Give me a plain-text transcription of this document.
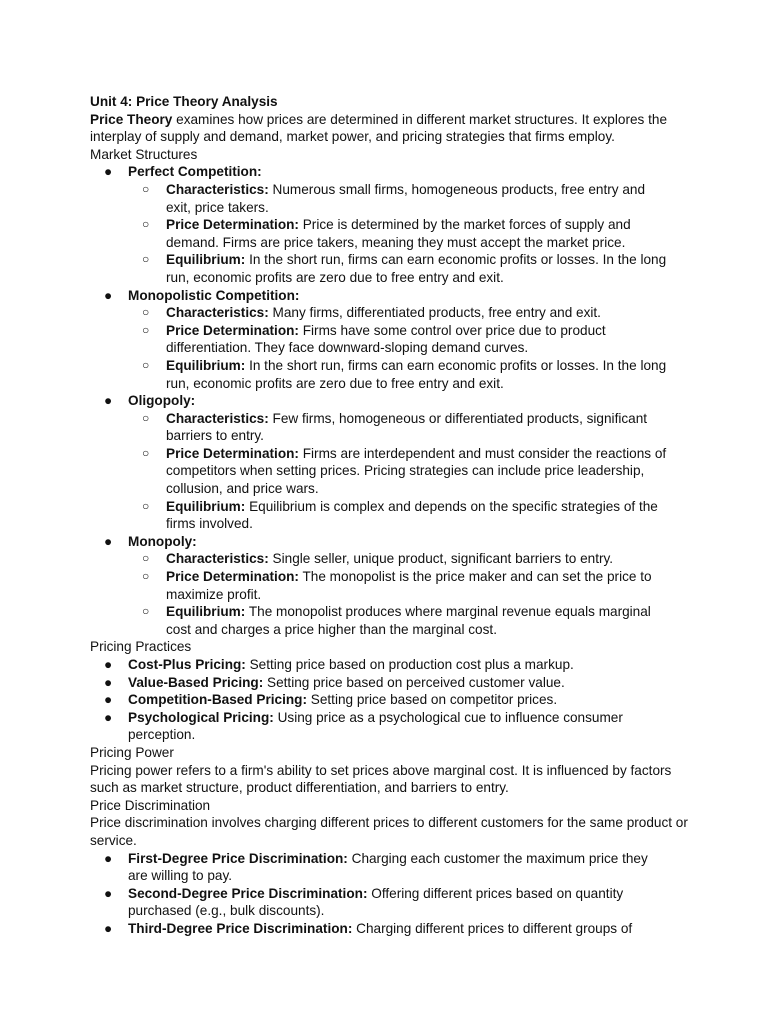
Unit 4: Price Theory Analysis

Price Theory examines how prices are determined in different market structures. It explores the interplay of supply and demand, market power, and pricing strategies that firms employ.

Market Structures

● Perfect Competition:
○ Characteristics: Numerous small firms, homogeneous products, free entry and exit, price takers.
○ Price Determination: Price is determined by the market forces of supply and demand. Firms are price takers, meaning they must accept the market price.
○ Equilibrium: In the short run, firms can earn economic profits or losses. In the long run, economic profits are zero due to free entry and exit.
● Monopolistic Competition:
○ Characteristics: Many firms, differentiated products, free entry and exit.
○ Price Determination: Firms have some control over price due to product differentiation. They face downward-sloping demand curves.
○ Equilibrium: In the short run, firms can earn economic profits or losses. In the long run, economic profits are zero due to free entry and exit.
● Oligopoly:
○ Characteristics: Few firms, homogeneous or differentiated products, significant barriers to entry.
○ Price Determination: Firms are interdependent and must consider the reactions of competitors when setting prices. Pricing strategies can include price leadership, collusion, and price wars.
○ Equilibrium: Equilibrium is complex and depends on the specific strategies of the firms involved.
● Monopoly:
○ Characteristics: Single seller, unique product, significant barriers to entry.
○ Price Determination: The monopolist is the price maker and can set the price to maximize profit.
○ Equilibrium: The monopolist produces where marginal revenue equals marginal cost and charges a price higher than the marginal cost.

Pricing Practices

● Cost-Plus Pricing: Setting price based on production cost plus a markup.
● Value-Based Pricing: Setting price based on perceived customer value.
● Competition-Based Pricing: Setting price based on competitor prices.
● Psychological Pricing: Using price as a psychological cue to influence consumer perception.

Pricing Power

Pricing power refers to a firm's ability to set prices above marginal cost. It is influenced by factors such as market structure, product differentiation, and barriers to entry.

Price Discrimination

Price discrimination involves charging different prices to different customers for the same product or service.

● First-Degree Price Discrimination: Charging each customer the maximum price they are willing to pay.
● Second-Degree Price Discrimination: Offering different prices based on quantity purchased (e.g., bulk discounts).
● Third-Degree Price Discrimination: Charging different prices to different groups of
